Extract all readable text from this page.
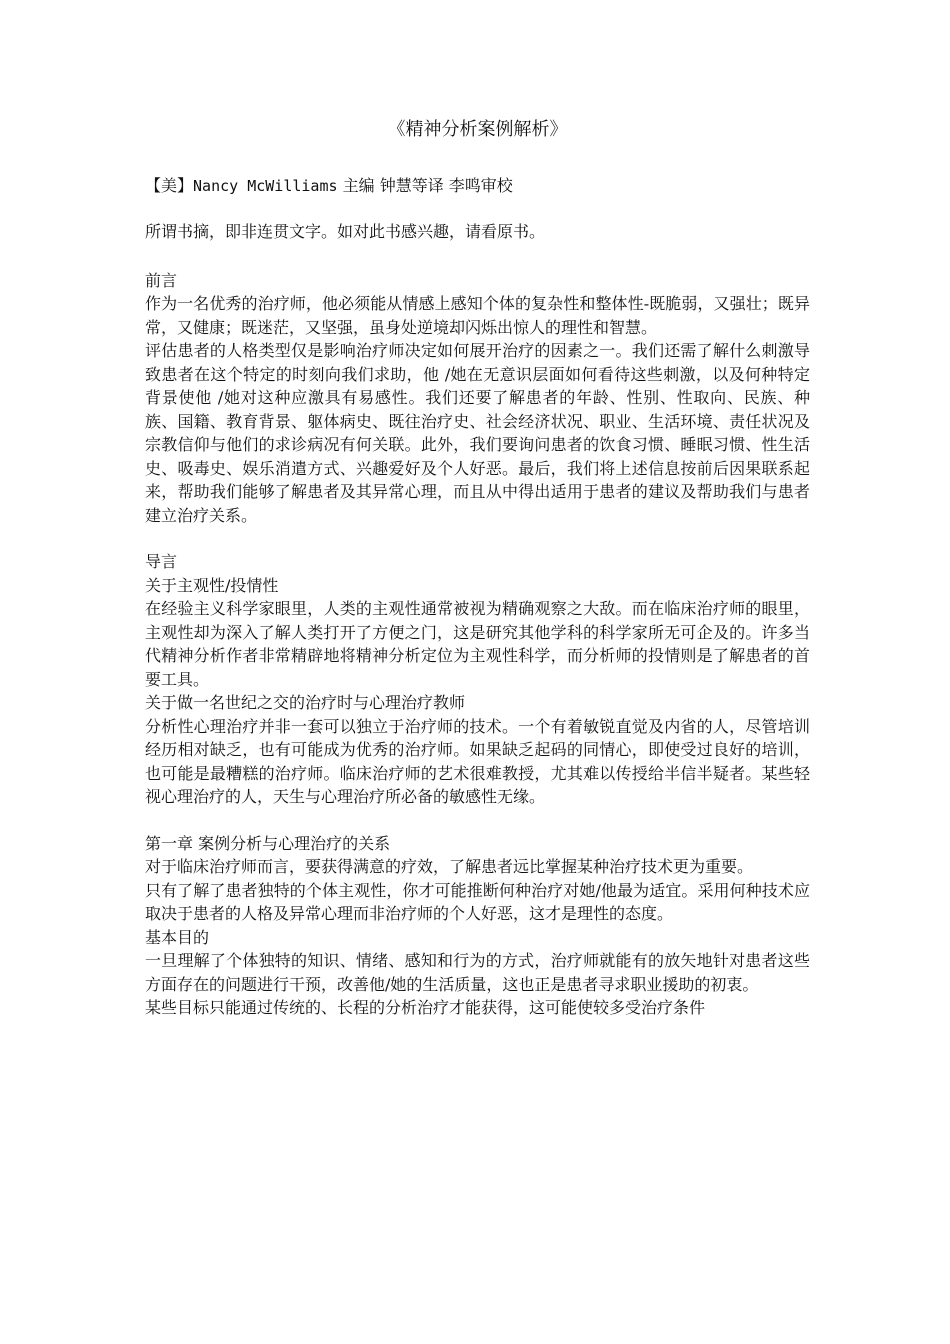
《精神分析案例解析》

【美】Nancy McWilliams 主编 钟慧等译 李鸣审校

所谓书摘，即非连贯文字。如对此书感兴趣，请看原书。

前言

作为一名优秀的治疗师，他必须能从情感上感知个体的复杂性和整体性-既脆弱，又强壮；既异常，又健康；既迷茫，又坚强，虽身处逆境却闪烁出惊人的理性和智慧。

评估患者的人格类型仅是影响治疗师决定如何展开治疗的因素之一。我们还需了解什么刺激导致患者在这个特定的时刻向我们求助，他 /她在无意识层面如何看待这些刺激，以及何种特定背景使他 /她对这种应激具有易感性。我们还要了解患者的年龄、性别、性取向、民族、种族、国籍、教育背景、躯体病史、既往治疗史、社会经济状况、职业、生活环境、责任状况及宗教信仰与他们的求诊病况有何关联。此外，我们要询问患者的饮食习惯、睡眠习惯、性生活史、吸毒史、娱乐消遣方式、兴趣爱好及个人好恶。最后，我们将上述信息按前后因果联系起来，帮助我们能够了解患者及其异常心理，而且从中得出适用于患者的建议及帮助我们与患者建立治疗关系。

导言

关于主观性/投情性

在经验主义科学家眼里，人类的主观性通常被视为精确观察之大敌。而在临床治疗师的眼里，主观性却为深入了解人类打开了方便之门，这是研究其他学科的科学家所无可企及的。许多当代精神分析作者非常精辟地将精神分析定位为主观性科学，而分析师的投情则是了解患者的首要工具。

关于做一名世纪之交的治疗时与心理治疗教师

分析性心理治疗并非一套可以独立于治疗师的技术。一个有着敏锐直觉及内省的人，尽管培训经历相对缺乏，也有可能成为优秀的治疗师。如果缺乏起码的同情心，即使受过良好的培训，也可能是最糟糕的治疗师。临床治疗师的艺术很难教授，尤其难以传授给半信半疑者。某些轻视心理治疗的人，天生与心理治疗所必备的敏感性无缘。

第一章 案例分析与心理治疗的关系

对于临床治疗师而言，要获得满意的疗效，了解患者远比掌握某种治疗技术更为重要。

只有了解了患者独特的个体主观性，你才可能推断何种治疗对她/他最为适宜。采用何种技术应取决于患者的人格及异常心理而非治疗师的个人好恶，这才是理性的态度。

基本目的

一旦理解了个体独特的知识、情绪、感知和行为的方式，治疗师就能有的放矢地针对患者这些方面存在的问题进行干预，改善他/她的生活质量，这也正是患者寻求职业援助的初衷。

某些目标只能通过传统的、长程的分析治疗才能获得，这可能使较多受治疗条件
